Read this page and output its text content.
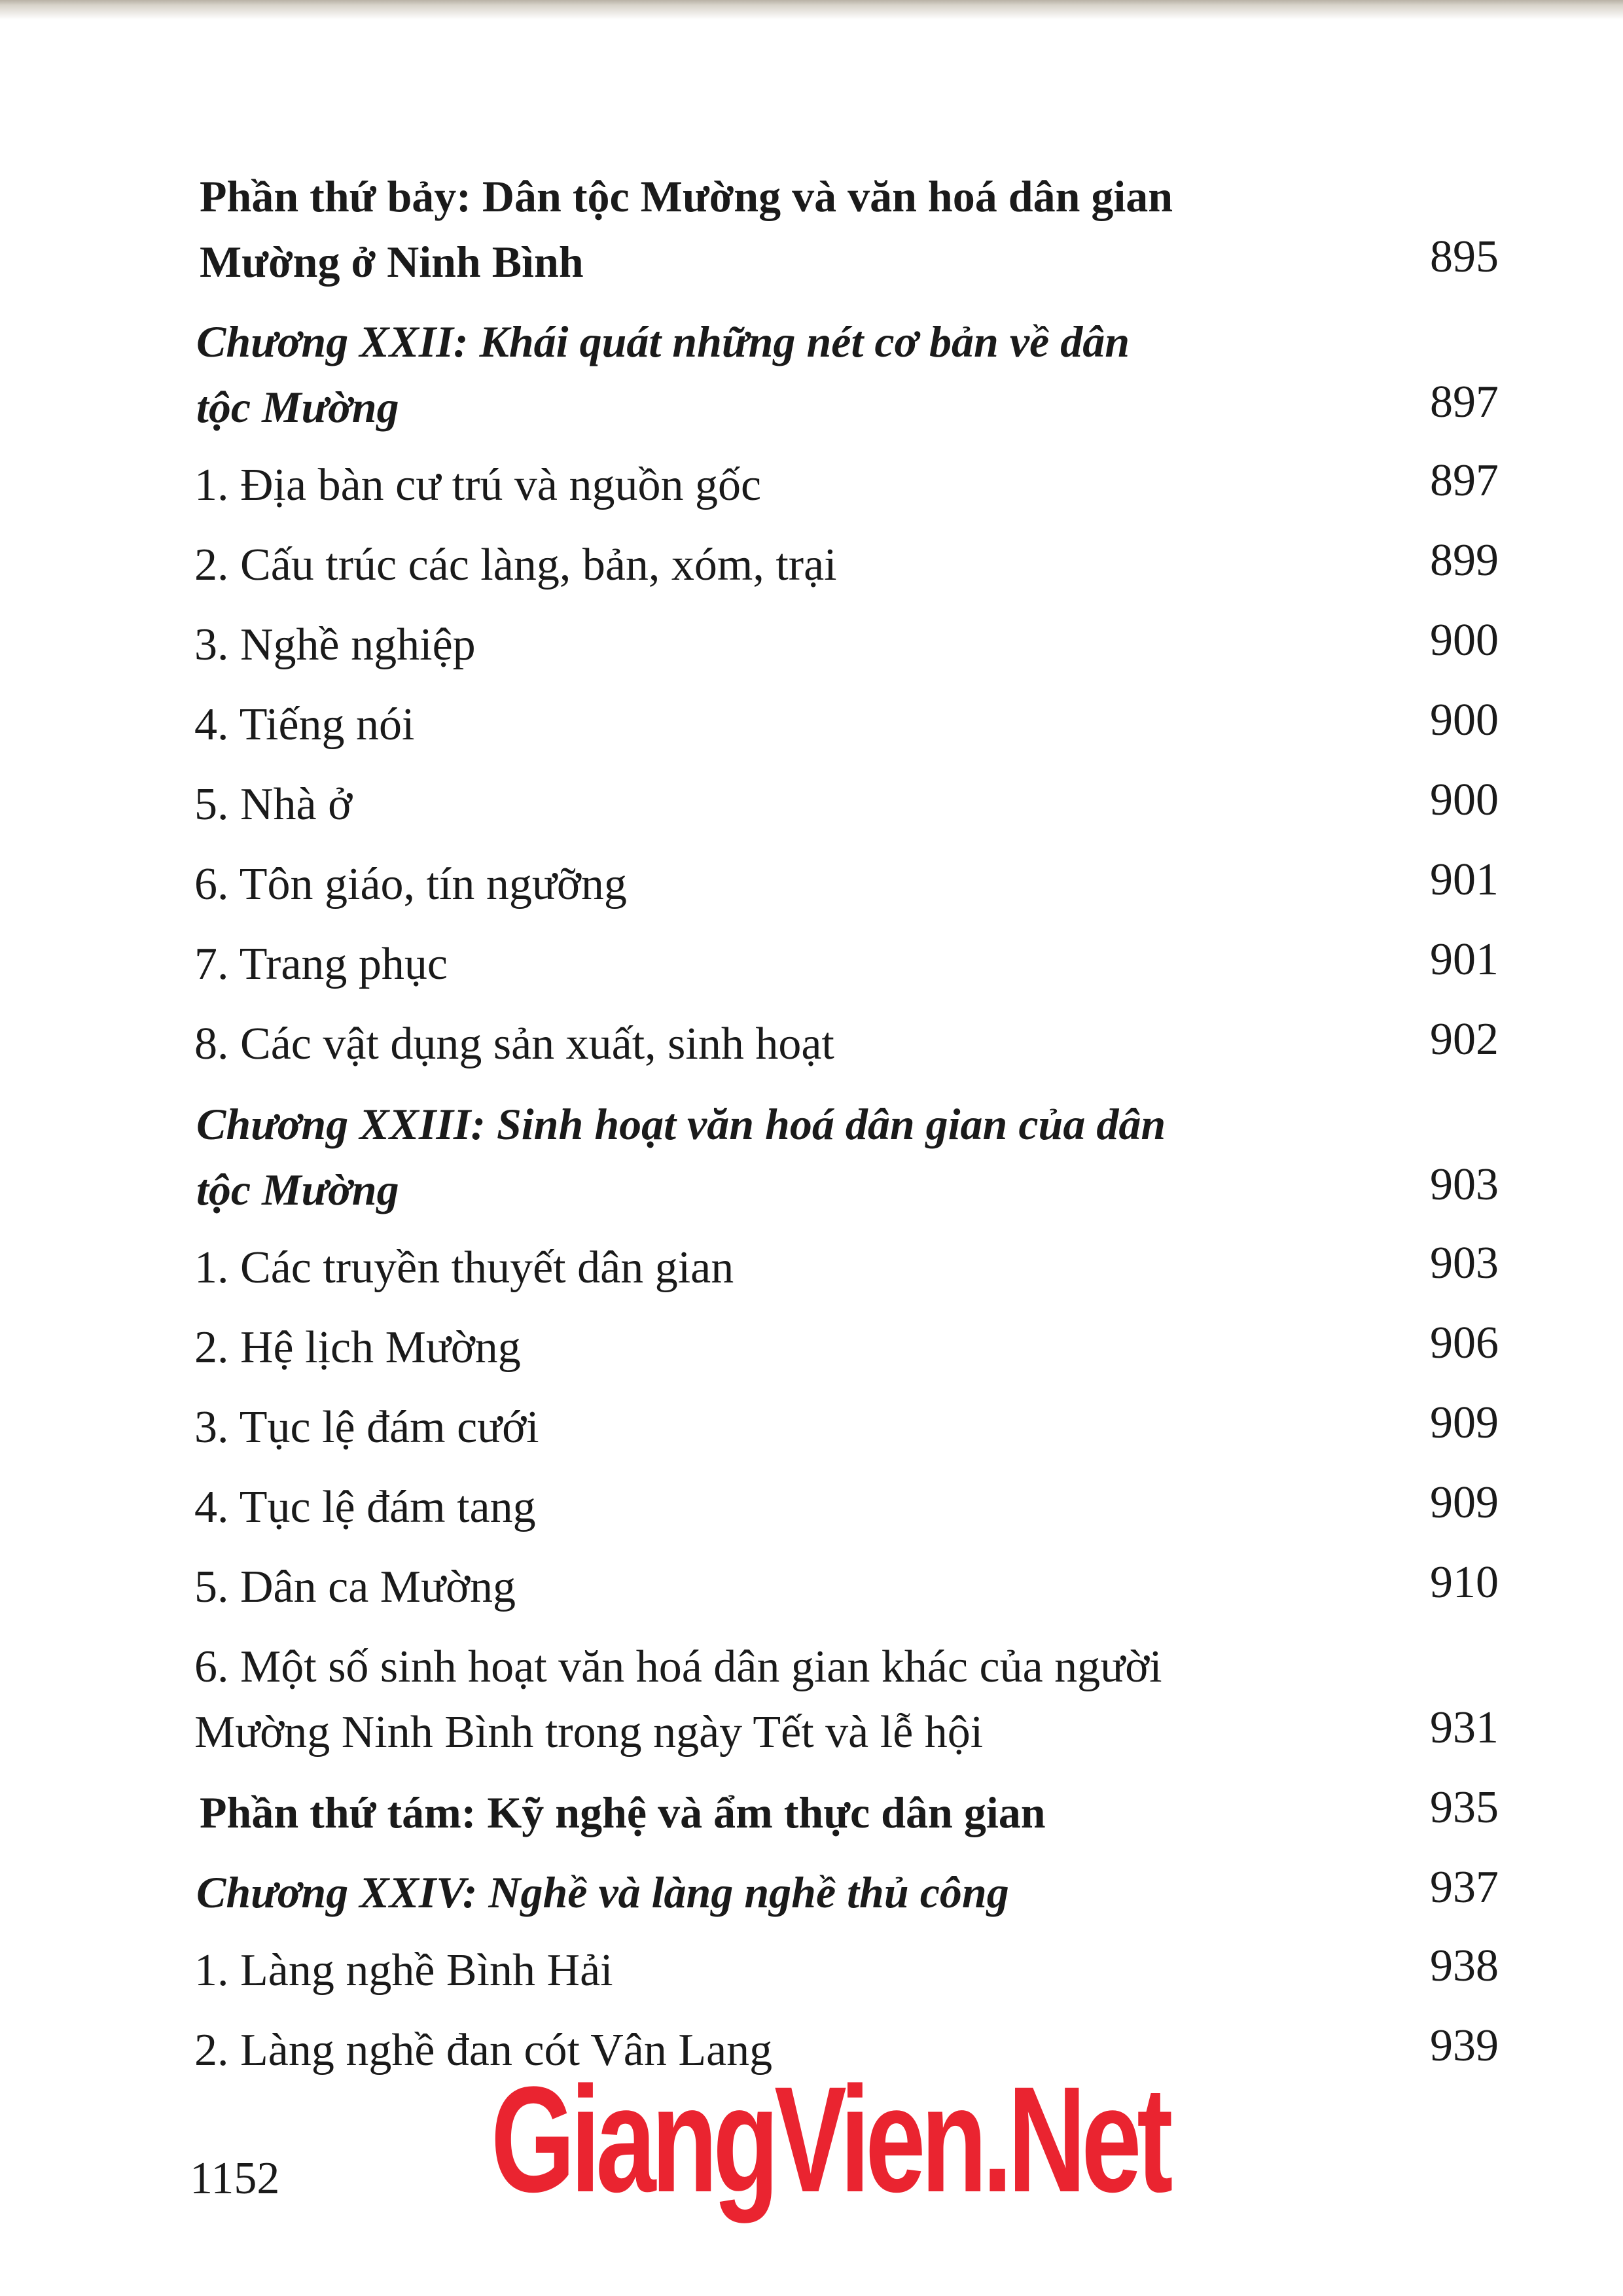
Phần thứ bảy: Dân tộc Mường và văn hoá dân gian
Mường ở Ninh Bình	895
Chương XXII: Khái quát những nét cơ bản về dân
tộc Mường	897
1. Địa bàn cư trú và nguồn gốc	897
2. Cấu trúc các làng, bản, xóm, trại	899
3. Nghề nghiệp	900
4. Tiếng nói	900
5. Nhà ở	900
6. Tôn giáo, tín ngưỡng	901
7. Trang phục	901
8. Các vật dụng sản xuất, sinh hoạt	902
Chương XXIII: Sinh hoạt văn hoá dân gian của dân
tộc Mường	903
1. Các truyền thuyết dân gian	903
2. Hệ lịch Mường	906
3. Tục lệ đám cưới	909
4. Tục lệ đám tang	909
5. Dân ca Mường	910
6. Một số sinh hoạt văn hoá dân gian khác của người
Mường Ninh Bình trong ngày Tết và lễ hội	931
Phần thứ tám: Kỹ nghệ và ẩm thực dân gian	935
Chương XXIV: Nghề và làng nghề thủ công	937
1. Làng nghề Bình Hải	938
2. Làng nghề đan cót Vân Lang	939
1152 GiangVien.Net
